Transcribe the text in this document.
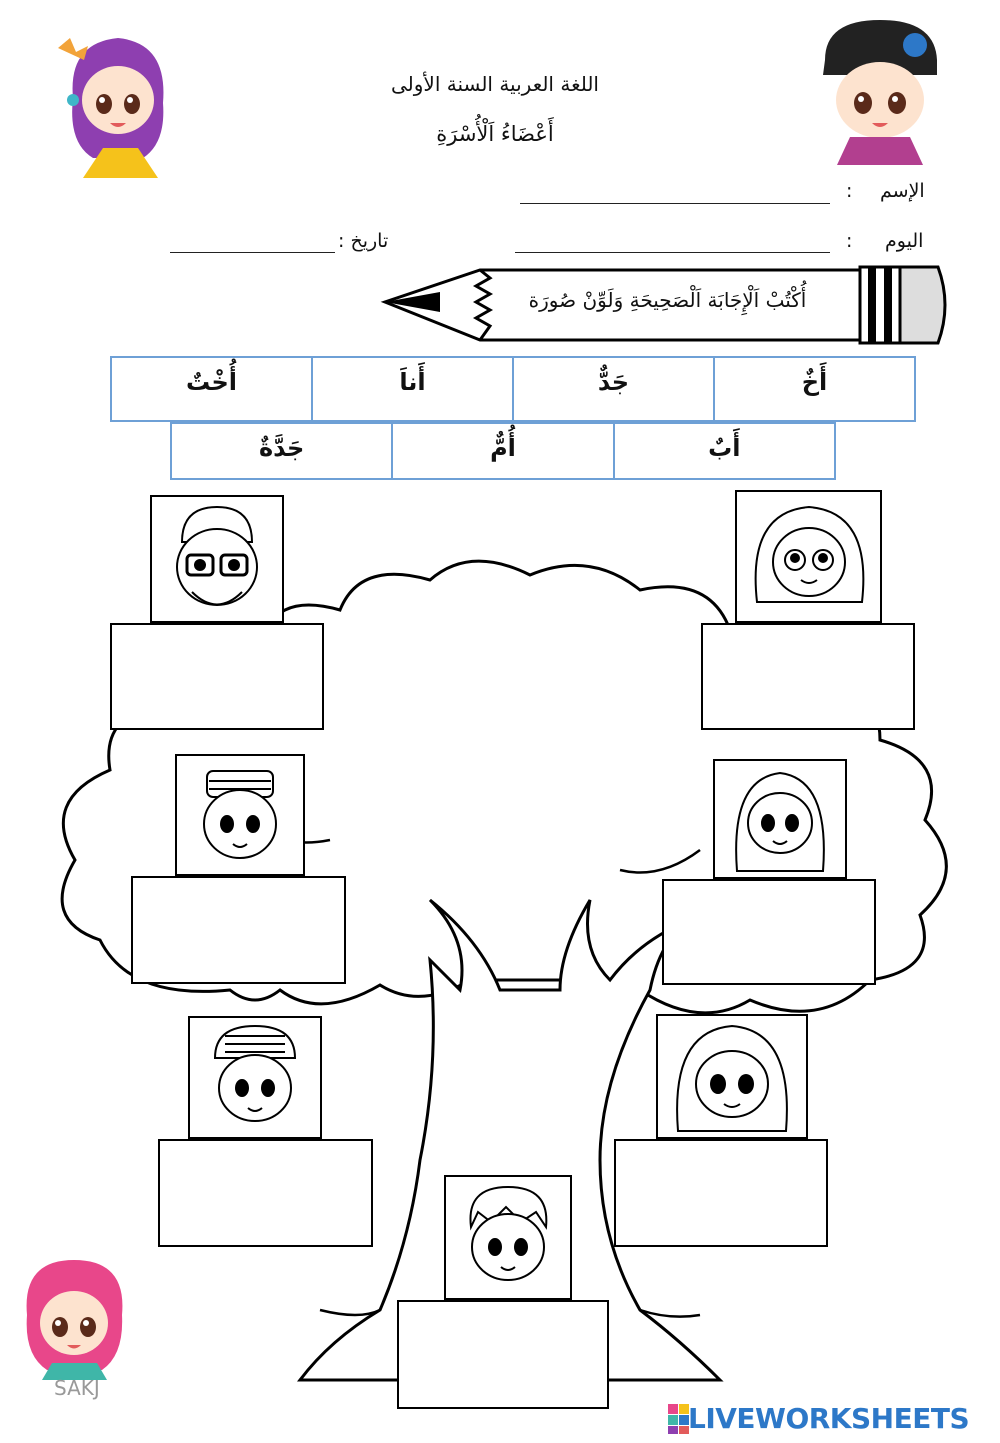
SAKJ
اللغة العربية السنة الأولى
أَعْضَاءُ اَلْأُسْرَةِ
الإسم
:
اليوم
:
تاريخ :
أُكْتُبْ اَلْإِجَابَة اَلْصَحِيحَةِ وَلَوِّنْ صُورَة
أَخٌ
جَدٌّ
أَناَ
أُخْتٌ
أَبٌ
أُمٌّ
جَدَّةٌ
LIVEWORKSHEETS
